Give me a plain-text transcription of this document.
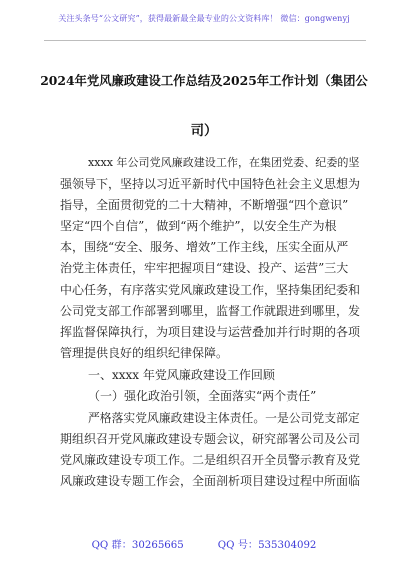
关注头条号“公文研究”，获得最新最全最专业的公文资料库！ 微信：gongwenyj
2024年党风廉政建设工作总结及2025年工作计划（集团公
司）
xxxx 年公司党风廉政建设工作，在集团党委、纪委的坚
强领导下，坚持以习近平新时代中国特色社会主义思想为
指导，全面贯彻党的二十大精神，不断增强“四个意识”
坚定“四个自信”，做到“两个维护”，以安全生产为根
本，围绕“安全、服务、增效”工作主线，压实全面从严
治党主体责任，牢牢把握项目“建设、投产、运营”三大
中心任务，有序落实党风廉政建设工作，坚持集团纪委和
公司党支部工作部署到哪里，监督工作就跟进到哪里，发
挥监督保障执行，为项目建设与运营叠加并行时期的各项
管理提供良好的组织纪律保障。
一、xxxx 年党风廉政建设工作回顾
（一）强化政治引领，全面落实“两个责任”
严格落实党风廉政建设主体责任。一是公司党支部定
期组织召开党风廉政建设专题会议，研究部署公司及公司
党风廉政建设专项工作。二是组织召开全员警示教育及党
风廉政建设专题工作会，全面剖析项目建设过程中所面临
QQ 群：30265665	QQ 号：535304092
